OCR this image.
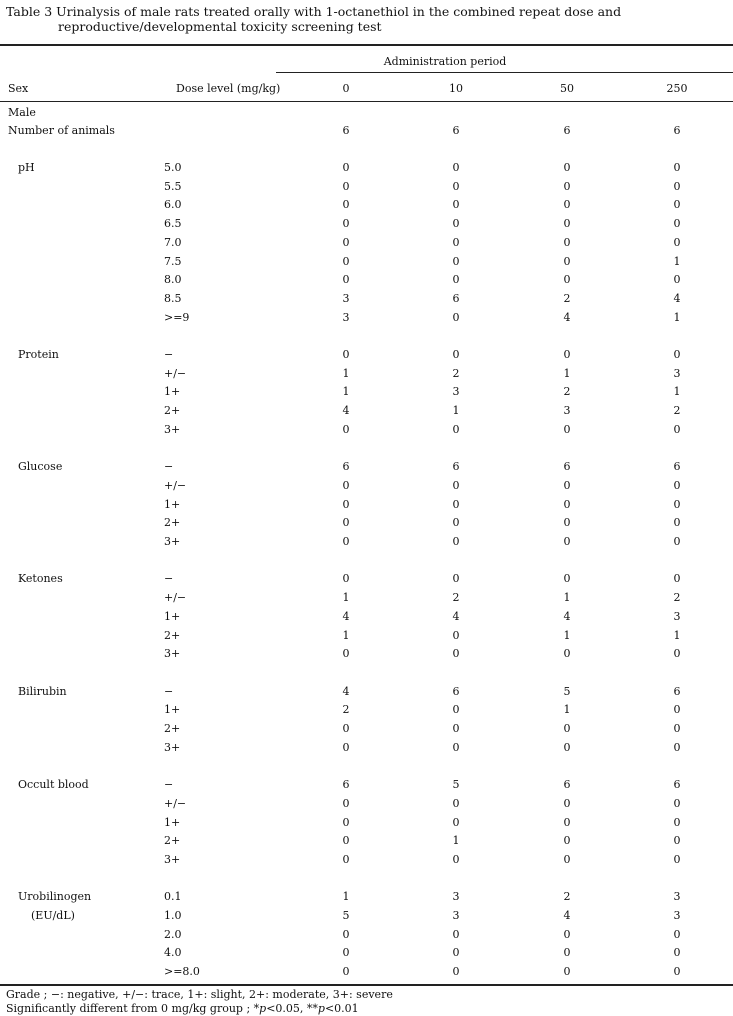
Table 3 Urinalysis of male rats treated orally with 1-octanethiol in the combined repeat dose and
reproductive/developmental toxicity screening test
Administration period
Sex	Dose level (mg/kg)	0	10	50	250
Male
Number of animals	6	6	6	6
pH	5.0	0	0	0	0
5.5	0	0	0	0
6.0	0	0	0	0
6.5	0	0	0	0
7.0	0	0	0	0
7.5	0	0	0	1
8.0	0	0	0	0
8.5	3	6	2	4
>=9	3	0	4	1
Protein	−	0	0	0	0
+/−	1	2	1	3
1+	1	3	2	1
2+	4	1	3	2
3+	0	0	0	0
Glucose	−	6	6	6	6
+/−	0	0	0	0
1+	0	0	0	0
2+	0	0	0	0
3+	0	0	0	0
Ketones	−	0	0	0	0
+/−	1	2	1	2
1+	4	4	4	3
2+	1	0	1	1
3+	0	0	0	0
Bilirubin	−	4	6	5	6
1+	2	0	1	0
2+	0	0	0	0
3+	0	0	0	0
Occult blood	−	6	5	6	6
+/−	0	0	0	0
1+	0	0	0	0
2+	0	1	0	0
3+	0	0	0	0
Urobilinogen	0.1	1	3	2	3
(EU/dL)	1.0	5	3	4	3
2.0	0	0	0	0
4.0	0	0	0	0
>=8.0	0	0	0	0
Grade ; −: negative, +/−: trace, 1+: slight, 2+: moderate, 3+: severe
Significantly different from 0 mg/kg group ; *p<0.05, **p<0.01
